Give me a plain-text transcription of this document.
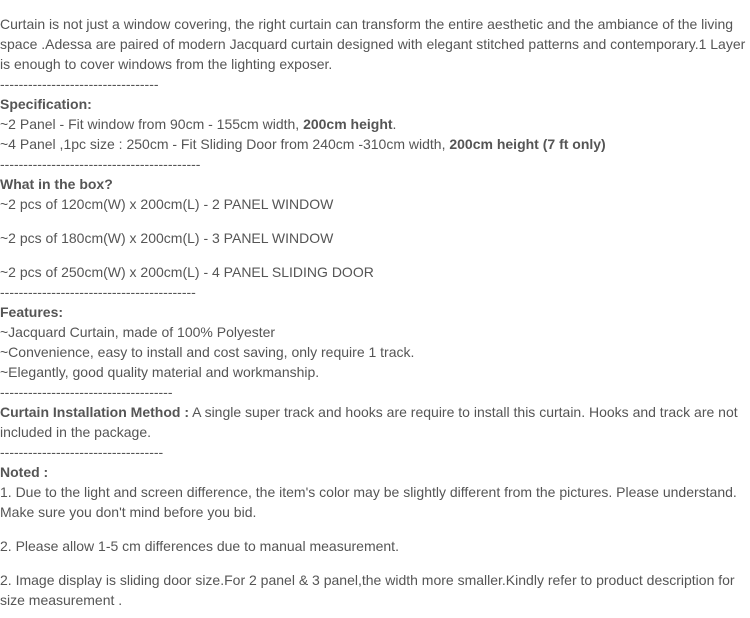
Curtain is not just a window covering, the right curtain can transform the entire aesthetic and the ambiance of the living space .Adessa are paired of modern Jacquard curtain designed with elegant stitched patterns and contemporary.1 Layer is enough to cover windows from the lighting exposer.

----------------------------------

Specification:

~2 Panel - Fit window from 90cm - 155cm width, 200cm height.

~4 Panel ,1pc size : 250cm - Fit Sliding Door from 240cm -310cm width, 200cm height (7 ft only)

-------------------------------------------

What in the box?

~2 pcs of 120cm(W) x 200cm(L) - 2 PANEL WINDOW

~2 pcs of 180cm(W) x 200cm(L) - 3 PANEL WINDOW

~2 pcs of 250cm(W) x 200cm(L) - 4 PANEL SLIDING DOOR

------------------------------------------

Features:

~Jacquard Curtain, made of 100% Polyester

~Convenience, easy to install and cost saving, only require 1 track.

~Elegantly, good quality material and workmanship.

-------------------------------------

Curtain Installation Method : A single super track and hooks are require to install this curtain. Hooks and track are not included in the package.

-----------------------------------

Noted :

1. Due to the light and screen difference, the item's color may be slightly different from the pictures. Please understand. Make sure you don't mind before you bid.

2. Please allow 1-5 cm differences due to manual measurement.

2. Image display is sliding door size.For 2 panel & 3 panel,the width more smaller.Kindly refer to product description for size measurement .
